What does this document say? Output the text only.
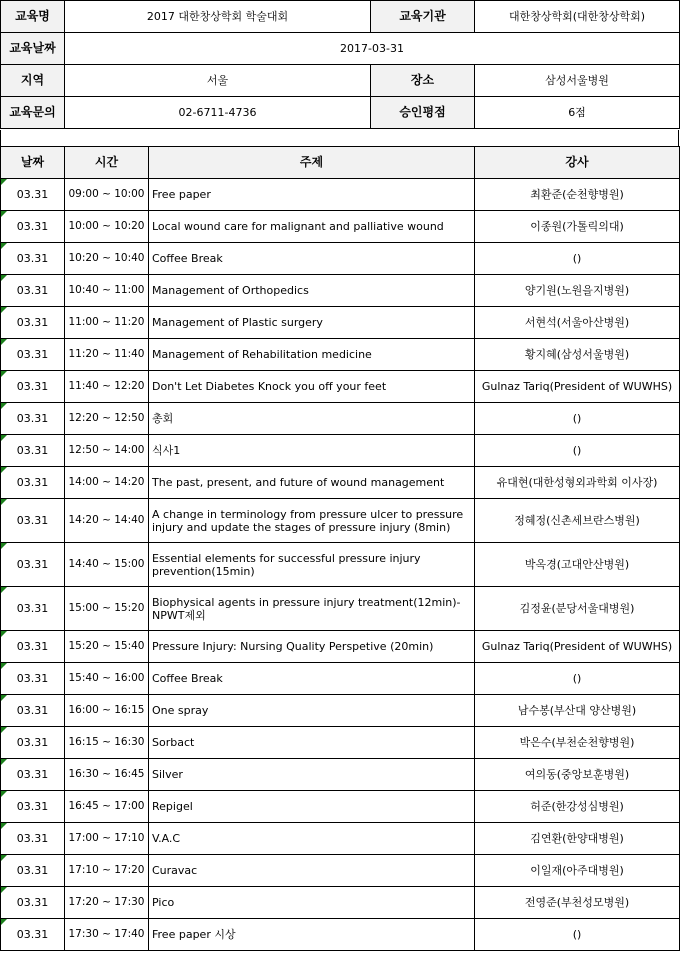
교육명	2017 대한창상학회 학술대회	교육기관	대한창상학회(대한창상학회)
교육날짜	2017-03-31		
지역	서울	장소	삼성서울병원
교육문의	02-6711-4736	승인평점	6점
날짜	시간	주제	강사
03.31	09:00 ~ 10:00	Free paper	최환준(순천향병원)
03.31	10:00 ~ 10:20	Local wound care for malignant and palliative wound	이종원(가톨릭의대)
03.31	10:20 ~ 10:40	Coffee Break	()
03.31	10:40 ~ 11:00	Management of Orthopedics	양기원(노원을지병원)
03.31	11:00 ~ 11:20	Management of Plastic surgery	서현석(서울아산병원)
03.31	11:20 ~ 11:40	Management of Rehabilitation medicine	황지혜(삼성서울병원)
03.31	11:40 ~ 12:20	Don't Let Diabetes Knock you off your feet	Gulnaz Tariq(President of WUWHS)
03.31	12:20 ~ 12:50	총회	()
03.31	12:50 ~ 14:00	식사1	()
03.31	14:00 ~ 14:20	The past, present, and future of wound management	유대현(대한성형외과학회 이사장)
03.31	14:20 ~ 14:40	A change in terminology from pressure ulcer to pressure injury and update the stages of pressure injury (8min)	정혜정(신촌세브란스병원)
03.31	14:40 ~ 15:00	Essential elements for successful pressure injury prevention(15min)	박옥경(고대안산병원)
03.31	15:00 ~ 15:20	Biophysical agents in pressure injury treatment(12min)-NPWT제외	김정윤(분당서울대병원)
03.31	15:20 ~ 15:40	Pressure Injury: Nursing Quality Perspetive (20min)	Gulnaz Tariq(President of WUWHS)
03.31	15:40 ~ 16:00	Coffee Break	()
03.31	16:00 ~ 16:15	One spray	남수봉(부산대 양산병원)
03.31	16:15 ~ 16:30	Sorbact	박은수(부천순천향병원)
03.31	16:30 ~ 16:45	Silver	여의동(중앙보훈병원)
03.31	16:45 ~ 17:00	Repigel	허준(한강성심병원)
03.31	17:00 ~ 17:10	V.A.C	김연환(한양대병원)
03.31	17:10 ~ 17:20	Curavac	이일재(아주대병원)
03.31	17:20 ~ 17:30	Pico	전영준(부천성모병원)
03.31	17:30 ~ 17:40	Free paper 시상	()
